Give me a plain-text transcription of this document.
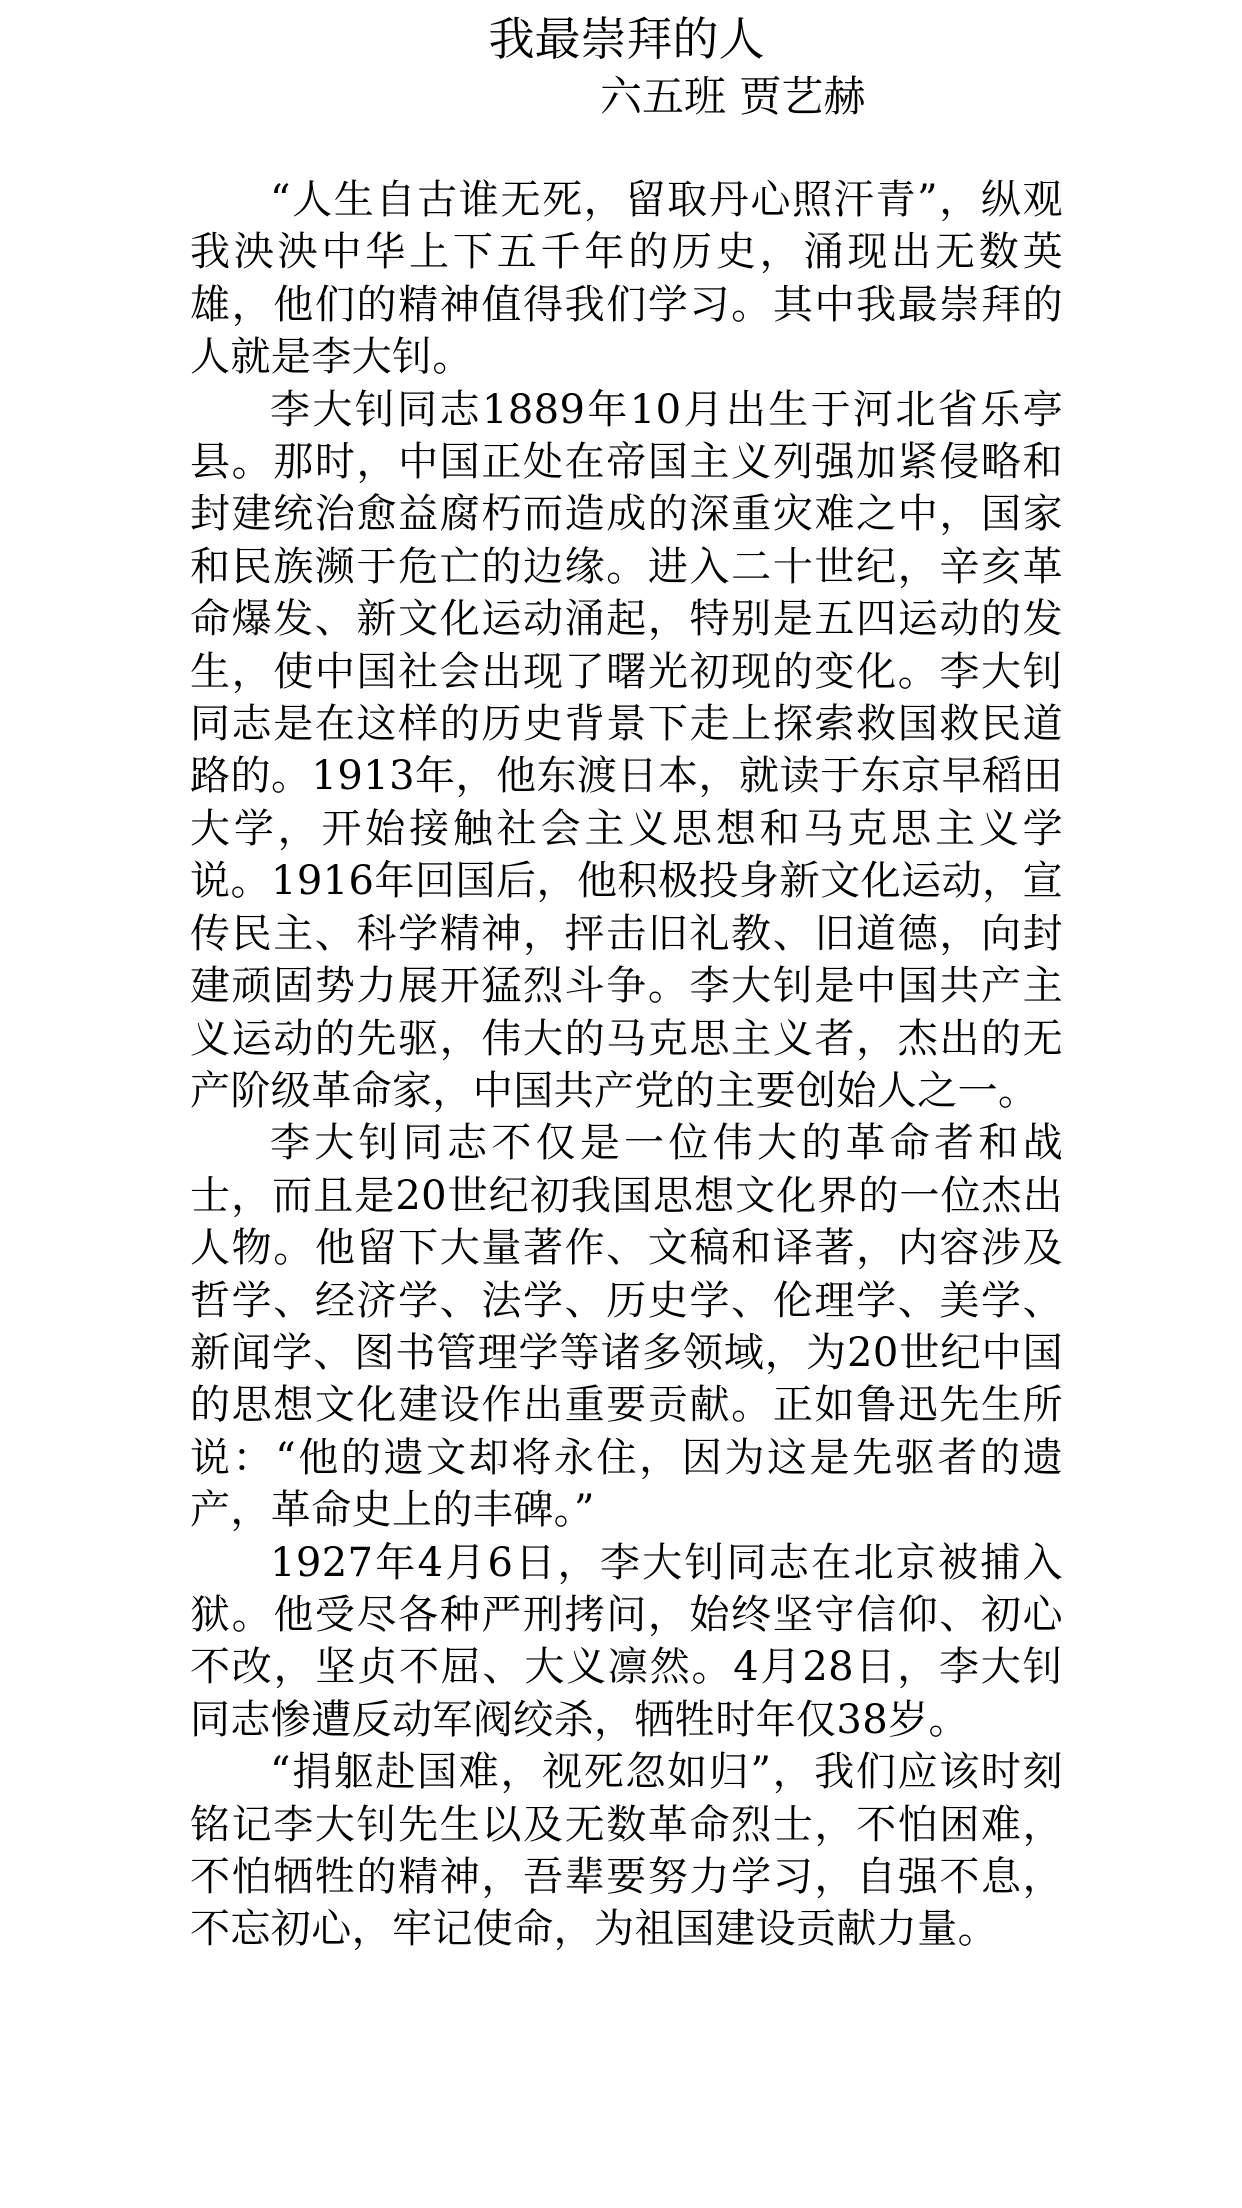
我最崇拜的人

六五班 贾艺赫

“人生自古谁无死，留取丹心照汗青”，纵观我泱泱中华上下五千年的历史，涌现出无数英雄，他们的精神值得我们学习。其中我最崇拜的人就是李大钊。

李大钊同志1889年10月出生于河北省乐亭县。那时，中国正处在帝国主义列强加紧侵略和封建统治愈益腐朽而造成的深重灾难之中，国家和民族濒于危亡的边缘。进入二十世纪，辛亥革命爆发、新文化运动涌起，特别是五四运动的发生，使中国社会出现了曙光初现的变化。李大钊同志是在这样的历史背景下走上探索救国救民道路的。1913年，他东渡日本，就读于东京早稻田大学，开始接触社会主义思想和马克思主义学说。1916年回国后，他积极投身新文化运动，宣传民主、科学精神，抨击旧礼教、旧道德，向封建顽固势力展开猛烈斗争。李大钊是中国共产主义运动的先驱，伟大的马克思主义者，杰出的无产阶级革命家，中国共产党的主要创始人之一。

李大钊同志不仅是一位伟大的革命者和战士，而且是20世纪初我国思想文化界的一位杰出人物。他留下大量著作、文稿和译著，内容涉及哲学、经济学、法学、历史学、伦理学、美学、新闻学、图书管理学等诸多领域，为20世纪中国的思想文化建设作出重要贡献。正如鲁迅先生所说：“他的遗文却将永住，因为这是先驱者的遗产，革命史上的丰碑。”

1927年4月6日，李大钊同志在北京被捕入狱。他受尽各种严刑拷问，始终坚守信仰、初心不改，坚贞不屈、大义凛然。4月28日，李大钊同志惨遭反动军阀绞杀，牺牲时年仅38岁。

“捐躯赴国难，视死忽如归”，我们应该时刻铭记李大钊先生以及无数革命烈士，不怕困难，不怕牺牲的精神，吾辈要努力学习，自强不息，不忘初心，牢记使命，为祖国建设贡献力量。
